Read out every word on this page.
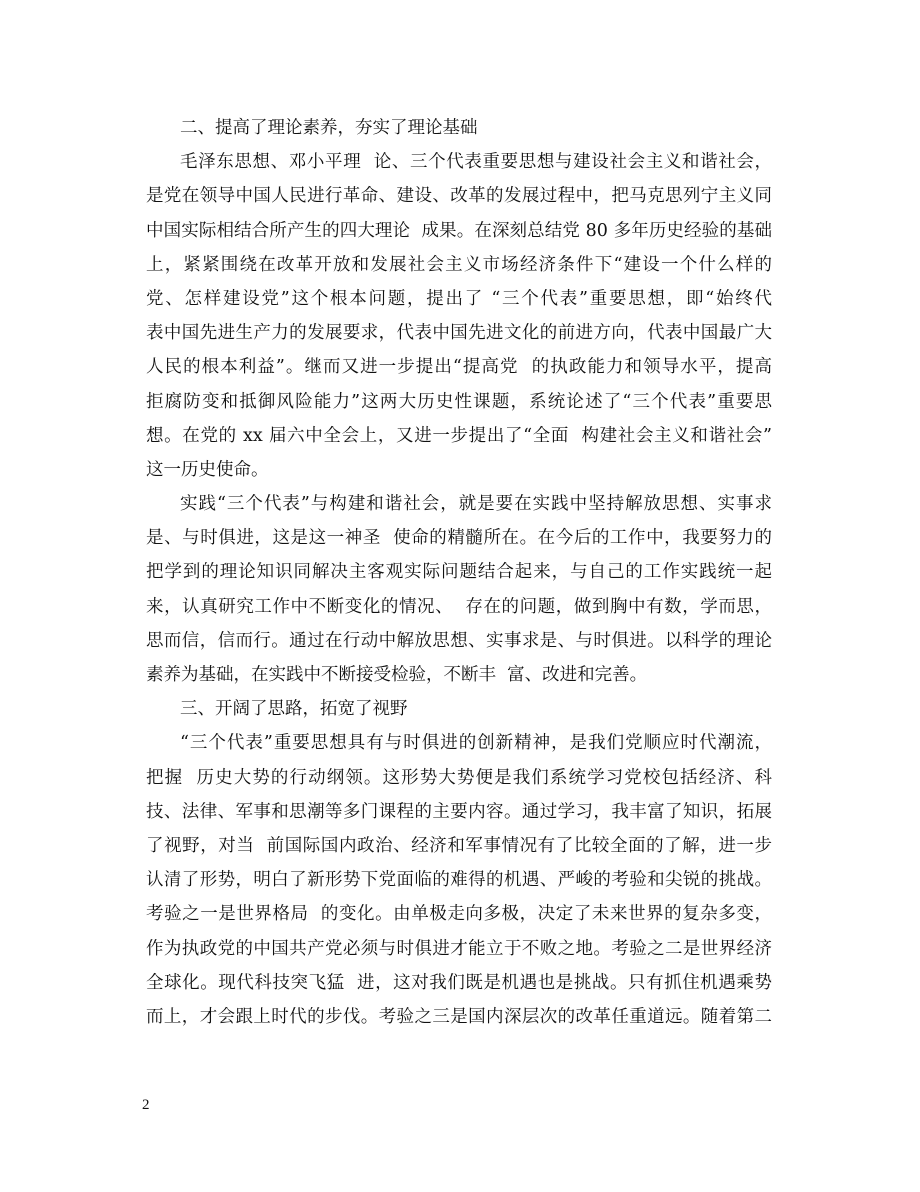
二、提高了理论素养，夯实了理论基础
毛泽东思想、邓小平理  论、三个代表重要思想与建设社会主义和谐社会，
是党在领导中国人民进行革命、建设、改革的发展过程中，把马克思列宁主义同
中国实际相结合所产生的四大理论  成果。在深刻总结党 80 多年历史经验的基础
上，紧紧围绕在改革开放和发展社会主义市场经济条件下“建设一个什么样的
党、怎样建设党”这个根本问题，提出了 “三个代表”重要思想，即“始终代
表中国先进生产力的发展要求，代表中国先进文化的前进方向，代表中国最广大
人民的根本利益”。继而又进一步提出“提高党  的执政能力和领导水平，提高
拒腐防变和抵御风险能力”这两大历史性课题，系统论述了“三个代表”重要思
想。在党的 xx 届六中全会上，又进一步提出了“全面  构建社会主义和谐社会”
这一历史使命。
实践“三个代表”与构建和谐社会，就是要在实践中坚持解放思想、实事求
是、与时俱进，这是这一神圣  使命的精髓所在。在今后的工作中，我要努力的
把学到的理论知识同解决主客观实际问题结合起来，与自己的工作实践统一起
来，认真研究工作中不断变化的情况、  存在的问题，做到胸中有数，学而思，
思而信，信而行。通过在行动中解放思想、实事求是、与时俱进。以科学的理论
素养为基础，在实践中不断接受检验，不断丰  富、改进和完善。
三、开阔了思路，拓宽了视野
“三个代表”重要思想具有与时俱进的创新精神，是我们党顺应时代潮流，
把握  历史大势的行动纲领。这形势大势便是我们系统学习党校包括经济、科
技、法律、军事和思潮等多门课程的主要内容。通过学习，我丰富了知识，拓展
了视野，对当  前国际国内政治、经济和军事情况有了比较全面的了解，进一步
认清了形势，明白了新形势下党面临的难得的机遇、严峻的考验和尖锐的挑战。
考验之一是世界格局  的变化。由单极走向多极，决定了未来世界的复杂多变，
作为执政党的中国共产党必须与时俱进才能立于不败之地。考验之二是世界经济
全球化。现代科技突飞猛  进，这对我们既是机遇也是挑战。只有抓住机遇乘势
而上，才会跟上时代的步伐。考验之三是国内深层次的改革任重道远。随着第二
2
